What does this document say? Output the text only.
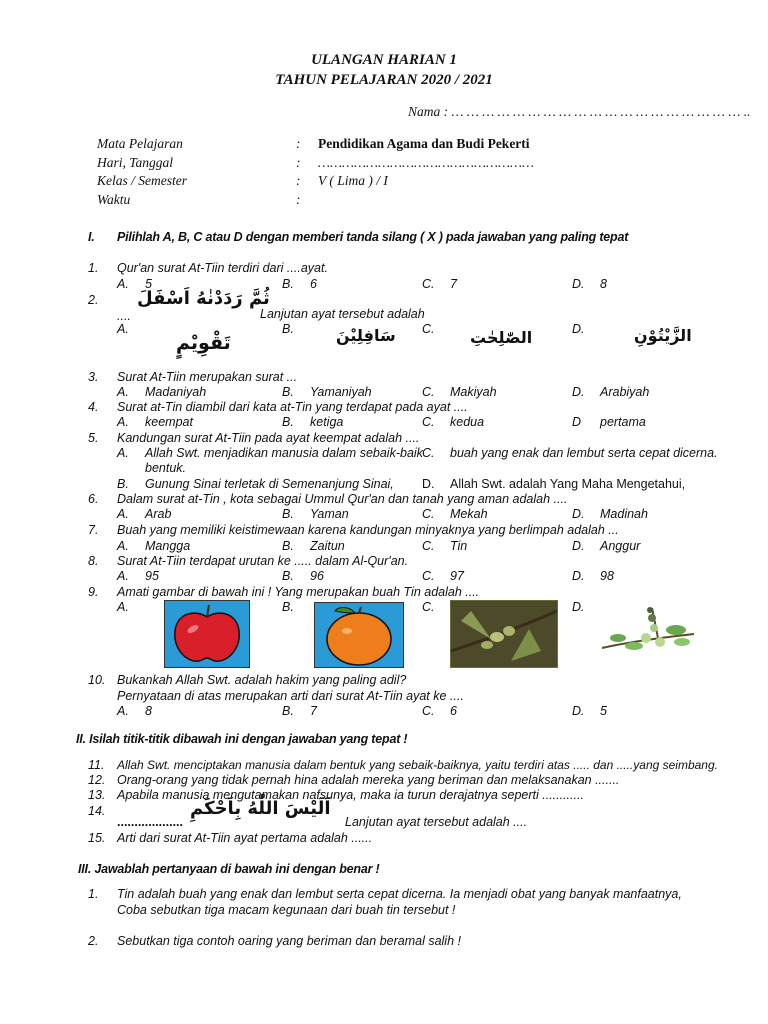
ULANGAN HARIAN 1
TAHUN PELAJARAN 2020 / 2021
Nama : … … … … … … … … … … … … … … … … … … … ..
Mata Pelajaran	: Pendidikan Agama dan Budi Pekerti
Hari, Tanggal	: ………………………………………………
Kelas / Semester	: V ( Lima ) / I
Waktu	:
I. Pilihlah A, B, C atau D dengan memberi tanda silang ( X ) pada jawaban yang paling tepat
1. Qur'an surat At-Tiin terdiri dari ....ayat.
A. 5	B. 6	C. 7	D. 8
2.
....
ثُمَّ رَدَدْنٰهُ اَسْفَلَ
Lanjutan ayat tersebut adalah
A.
تَقْوِيْمٍ
B.	سَافِلِيْنَ C. الصّٰلِحٰتِ	D.	الزَّيْتُوْنِ
3. Surat At-Tiin merupakan surat ...
A. Madaniyah	B. Yamaniyah	C. Makiyah	D. Arabiyah
4. Surat at-Tin diambil dari kata at-Tin yang terdapat pada ayat ....
A. keempat	B. ketiga	C. kedua	D pertama
5. Kandungan surat At-Tiin pada ayat keempat adalah ....
A. Allah Swt. menjadikan manusia dalam sebaik-baik
bentuk.
C. buah yang enak dan lembut serta cepat dicerna.
B. Gunung Sinai terletak di Semenanjung Sinai, D. Allah Swt. adalah Yang Maha Mengetahui,
6. Dalam surat at-Tin , kota sebagai Ummul Qur'an dan tanah yang aman adalah ....
A. Arab	B. Yaman	C. Mekah	D. Madinah
7. Buah yang memiliki keistimewaan karena kandungan minyaknya yang berlimpah adalah ...
A. Mangga	B. Zaitun	C. Tin	D. Anggur
8. Surat At-Tiin terdapat urutan ke ..... dalam Al-Qur'an.
A. 95	B. 96	C. 97	D. 98
9. Amati gambar di bawah ini ! Yang merupakan buah Tin adalah ....
A.	B.	C.	D.
10. Bukankah Allah Swt. adalah hakim yang paling adil?
Pernyataan di atas merupakan arti dari surat At-Tiin ayat ke ....
A. 8	B. 7	C. 6	D. 5
II. Isilah titik-titik dibawah ini dengan jawaban yang tepat !
11. Allah Swt. menciptakan manusia dalam bentuk yang sebaik-baiknya, yaitu terdiri atas ..... dan .....yang seimbang.
12. Orang-orang yang tidak pernah hina adalah mereka yang beriman dan melaksanakan .......
13. Apabila manusia mengutamakan nafsunya, maka ia turun derajatnya seperti ............
14.
...................
اَلَيْسَ اللّٰهُ بِاَحْكَمِ
Lanjutan ayat tersebut adalah ....
15. Arti dari surat At-Tiin ayat pertama adalah ......
III. Jawablah pertanyaan di bawah ini dengan benar !
1. Tin adalah buah yang enak dan lembut serta cepat dicerna. Ia menjadi obat yang banyak manfaatnya,
Coba sebutkan tiga macam kegunaan dari buah tin tersebut !
2. Sebutkan tiga contoh oaring yang beriman dan beramal salih !
